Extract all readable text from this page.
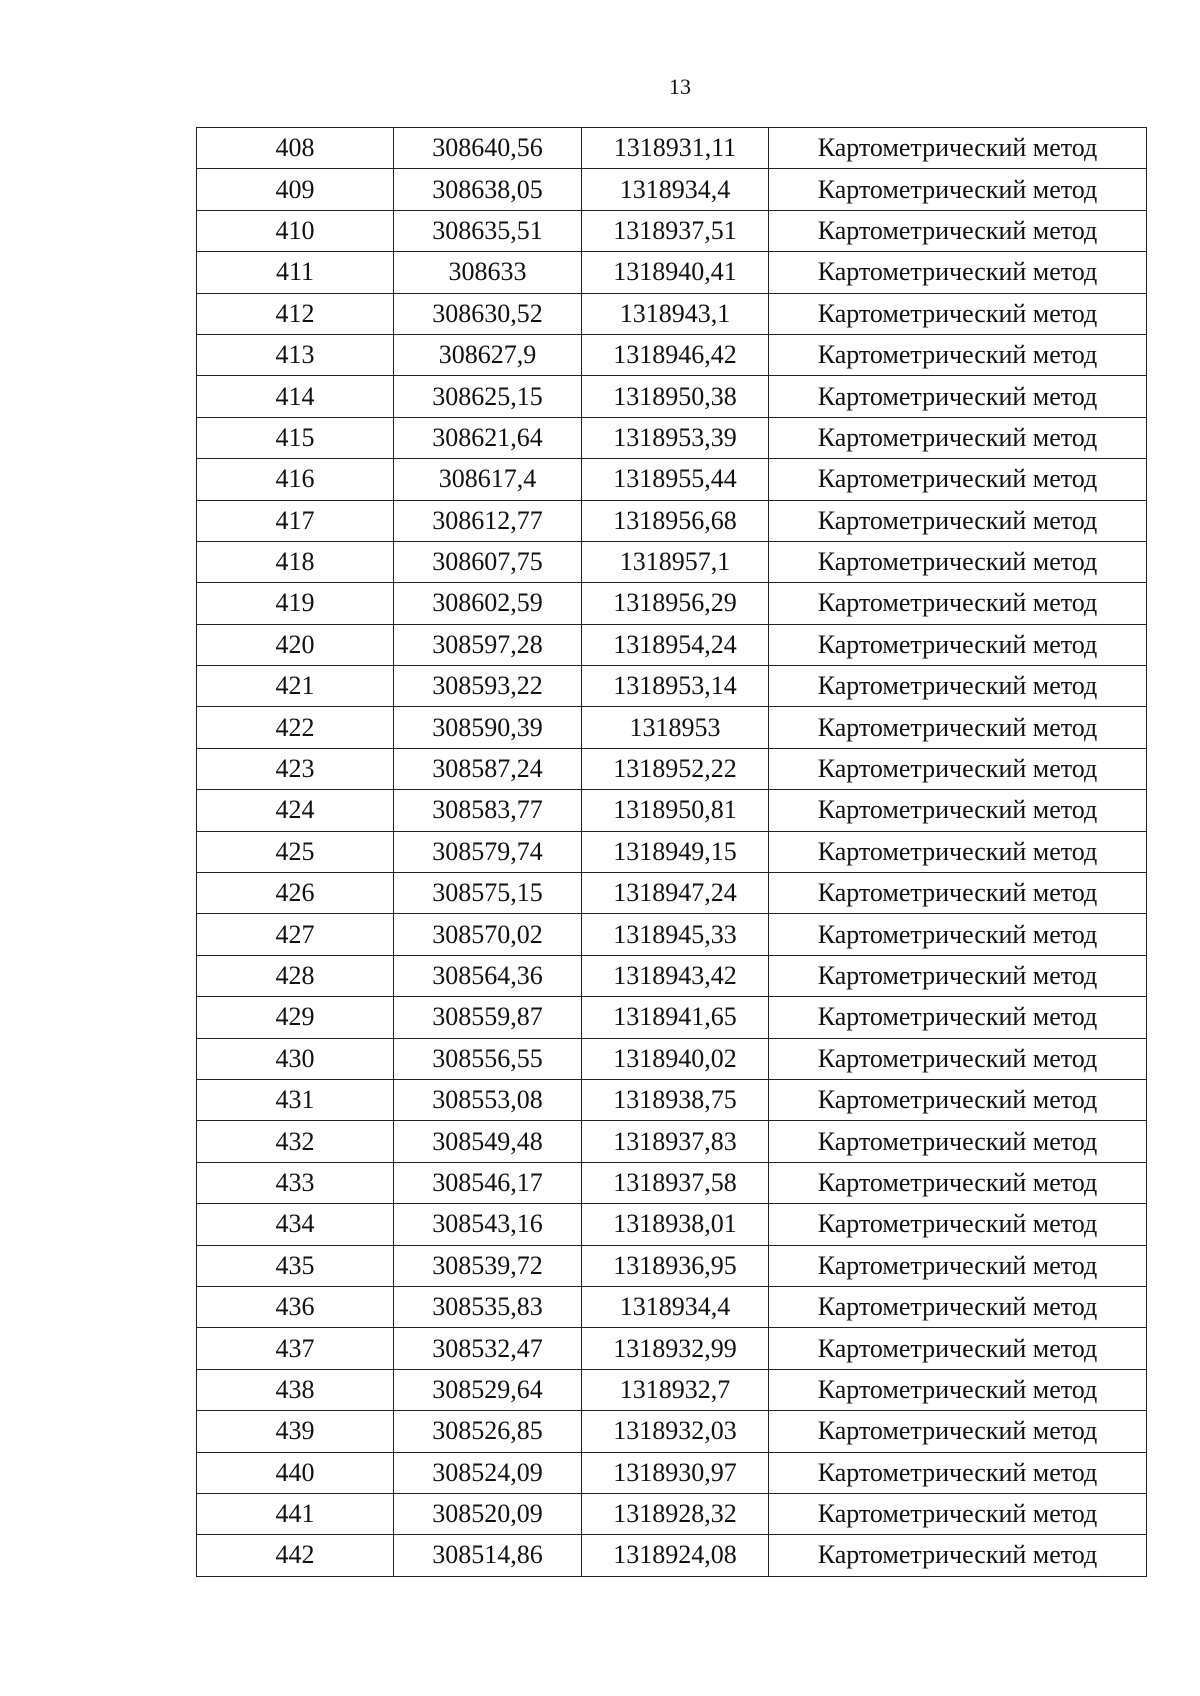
13
408	308640,56	1318931,11	Картометрический метод
409	308638,05	1318934,4	Картометрический метод
410	308635,51	1318937,51	Картометрический метод
411	308633	1318940,41	Картометрический метод
412	308630,52	1318943,1	Картометрический метод
413	308627,9	1318946,42	Картометрический метод
414	308625,15	1318950,38	Картометрический метод
415	308621,64	1318953,39	Картометрический метод
416	308617,4	1318955,44	Картометрический метод
417	308612,77	1318956,68	Картометрический метод
418	308607,75	1318957,1	Картометрический метод
419	308602,59	1318956,29	Картометрический метод
420	308597,28	1318954,24	Картометрический метод
421	308593,22	1318953,14	Картометрический метод
422	308590,39	1318953	Картометрический метод
423	308587,24	1318952,22	Картометрический метод
424	308583,77	1318950,81	Картометрический метод
425	308579,74	1318949,15	Картометрический метод
426	308575,15	1318947,24	Картометрический метод
427	308570,02	1318945,33	Картометрический метод
428	308564,36	1318943,42	Картометрический метод
429	308559,87	1318941,65	Картометрический метод
430	308556,55	1318940,02	Картометрический метод
431	308553,08	1318938,75	Картометрический метод
432	308549,48	1318937,83	Картометрический метод
433	308546,17	1318937,58	Картометрический метод
434	308543,16	1318938,01	Картометрический метод
435	308539,72	1318936,95	Картометрический метод
436	308535,83	1318934,4	Картометрический метод
437	308532,47	1318932,99	Картометрический метод
438	308529,64	1318932,7	Картометрический метод
439	308526,85	1318932,03	Картометрический метод
440	308524,09	1318930,97	Картометрический метод
441	308520,09	1318928,32	Картометрический метод
442	308514,86	1318924,08	Картометрический метод
